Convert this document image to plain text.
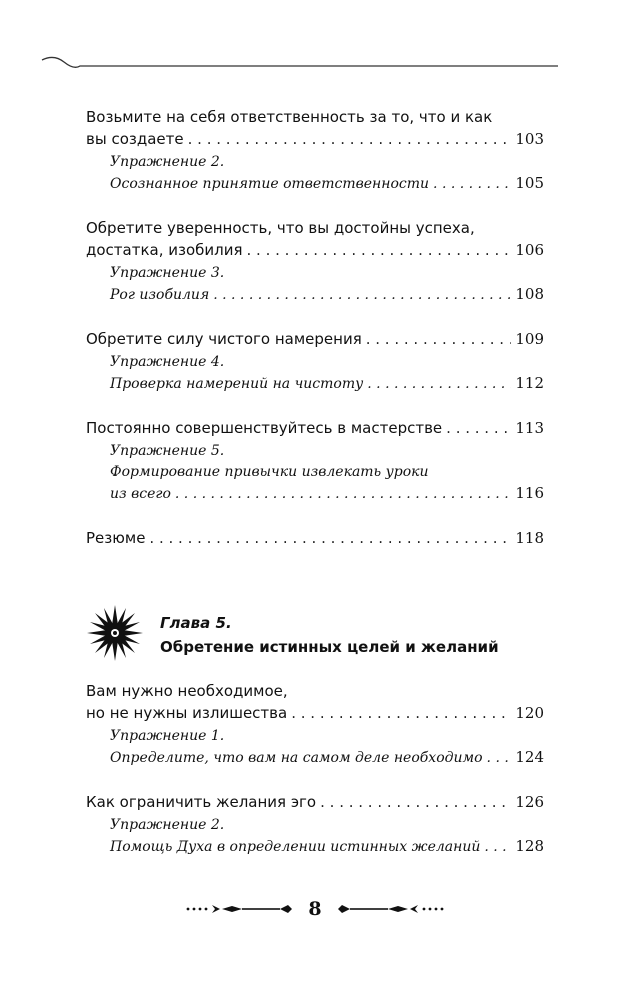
Возьмите на себя ответственность за то, что и как
вы создаете . . .	103
Упражнение 2.
Осознанное принятие ответственности . . .	105
Обретите уверенность, что вы достойны успеха,
достатка, изобилия . . .	106
Упражнение 3.
Рог изобилия . . .	108
Обретите силу чистого намерения . . .	109
Упражнение 4.
Проверка намерений на чистоту . . .	112
Постоянно совершенствуйтесь в мастерстве . . .	113
Упражнение 5.
Формирование привычки извлекать уроки
из всего . . .	116
Резюме . . .	118
Глава 5.
Обретение истинных целей и желаний
Вам нужно необходимое,
но не нужны излишества . . .	120
Упражнение 1.
Определите, что вам на самом деле необходимо . . . 124
Как ограничить желания эго . . .	126
Упражнение 2.
Помощь Духа в определении истинных желаний . . . 128
8
